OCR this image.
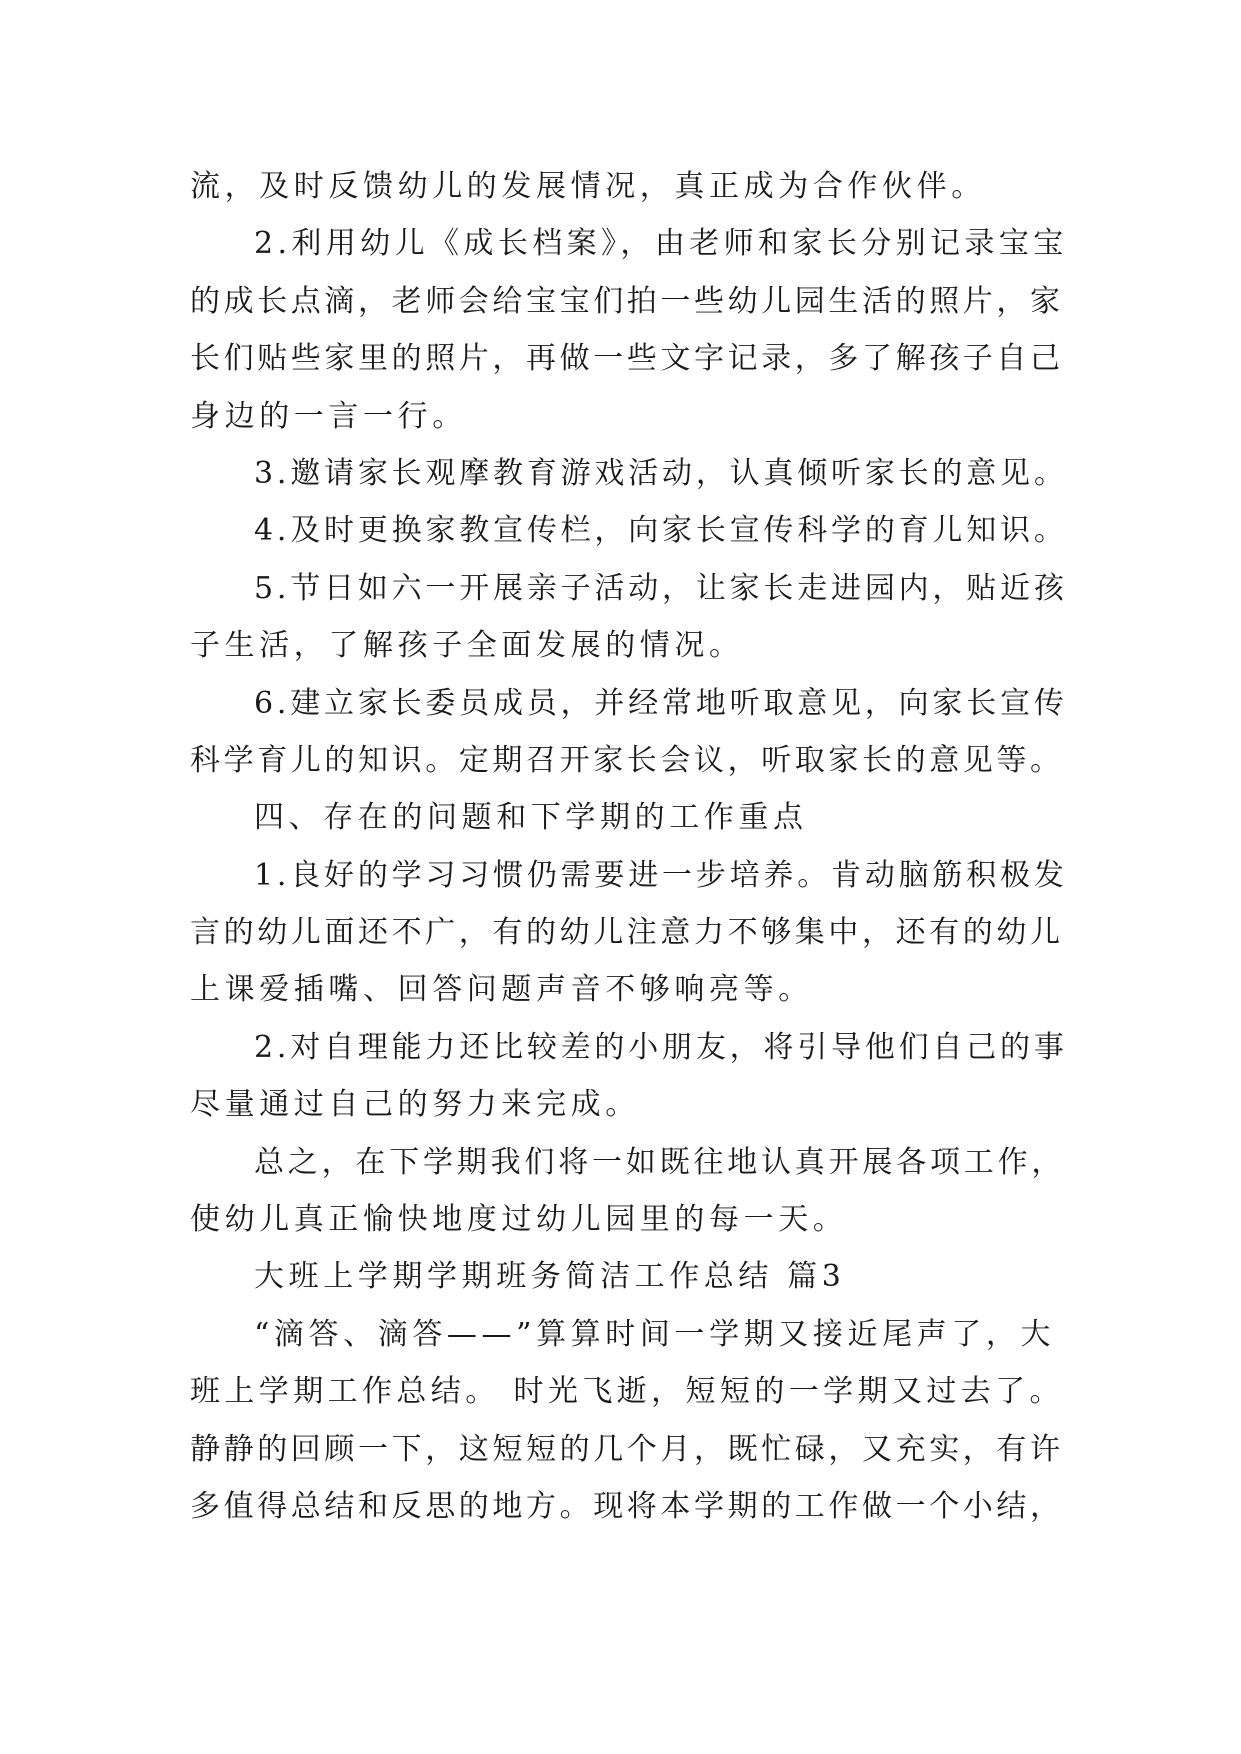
流，及时反馈幼儿的发展情况，真正成为合作伙伴。
2.利用幼儿《成长档案》，由老师和家长分别记录宝宝
的成长点滴，老师会给宝宝们拍一些幼儿园生活的照片，家
长们贴些家里的照片，再做一些文字记录，多了解孩子自己
身边的一言一行。
3.邀请家长观摩教育游戏活动，认真倾听家长的意见。
4.及时更换家教宣传栏，向家长宣传科学的育儿知识。
5.节日如六一开展亲子活动，让家长走进园内，贴近孩
子生活，了解孩子全面发展的情况。
6.建立家长委员成员，并经常地听取意见，向家长宣传
科学育儿的知识。定期召开家长会议，听取家长的意见等。
四、存在的问题和下学期的工作重点
1.良好的学习习惯仍需要进一步培养。肯动脑筋积极发
言的幼儿面还不广，有的幼儿注意力不够集中，还有的幼儿
上课爱插嘴、回答问题声音不够响亮等。
2.对自理能力还比较差的小朋友，将引导他们自己的事
尽量通过自己的努力来完成。
总之，在下学期我们将一如既往地认真开展各项工作，
使幼儿真正愉快地度过幼儿园里的每一天。
大班上学期学期班务简洁工作总结 篇3
“滴答、滴答——”算算时间一学期又接近尾声了，大
班上学期工作总结。 时光飞逝，短短的一学期又过去了。
静静的回顾一下，这短短的几个月，既忙碌，又充实，有许
多值得总结和反思的地方。现将本学期的工作做一个小结，
